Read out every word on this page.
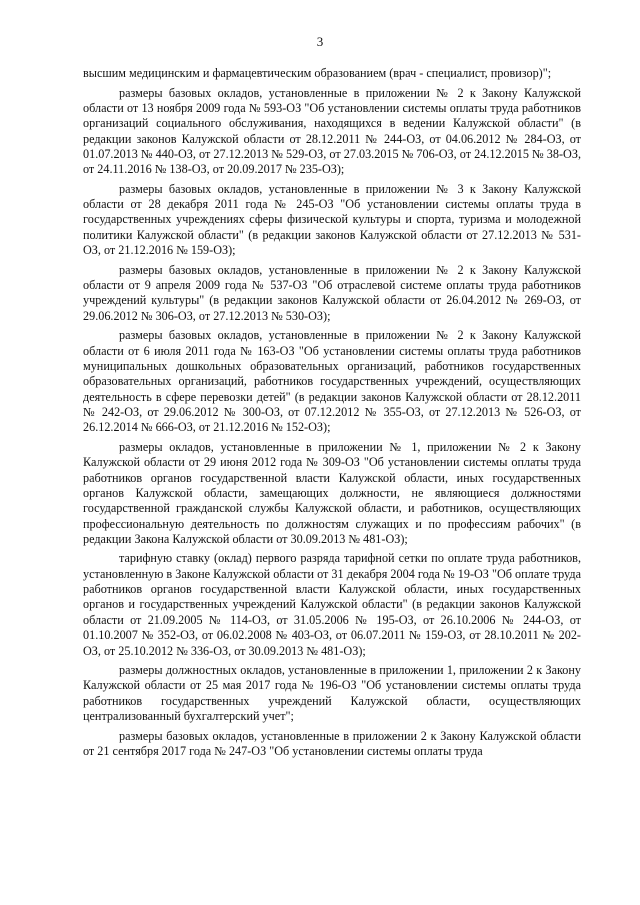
3

высшим медицинским и фармацевтическим образованием (врач - специалист, провизор)";

размеры базовых окладов, установленные в приложении № 2 к Закону Калужской области от 13 ноября 2009 года № 593-ОЗ "Об установлении системы оплаты труда работников организаций социального обслуживания, находящихся в ведении Калужской области" (в редакции законов Калужской области от 28.12.2011 № 244-ОЗ, от 04.06.2012 № 284-ОЗ, от 01.07.2013 № 440-ОЗ, от 27.12.2013 № 529-ОЗ, от 27.03.2015 № 706-ОЗ, от 24.12.2015 № 38-ОЗ, от 24.11.2016 № 138-ОЗ, от 20.09.2017 № 235-ОЗ);

размеры базовых окладов, установленные в приложении № 3 к Закону Калужской области от 28 декабря 2011 года № 245-ОЗ "Об установлении системы оплаты труда в государственных учреждениях сферы физической культуры и спорта, туризма и молодежной политики Калужской области" (в редакции законов Калужской области от 27.12.2013 № 531-ОЗ, от 21.12.2016 № 159-ОЗ);

размеры базовых окладов, установленные в приложении № 2 к Закону Калужской области от 9 апреля 2009 года № 537-ОЗ "Об отраслевой системе оплаты труда работников учреждений культуры" (в редакции законов Калужской области от 26.04.2012 № 269-ОЗ, от 29.06.2012 № 306-ОЗ, от 27.12.2013 № 530-ОЗ);

размеры базовых окладов, установленные в приложении № 2 к Закону Калужской области от 6 июля 2011 года № 163-ОЗ "Об установлении системы оплаты труда работников муниципальных дошкольных образовательных организаций, работников государственных образовательных организаций, работников государственных учреждений, осуществляющих деятельность в сфере перевозки детей" (в редакции законов Калужской области от 28.12.2011 № 242-ОЗ, от 29.06.2012 № 300-ОЗ, от 07.12.2012 № 355-ОЗ, от 27.12.2013 № 526-ОЗ, от 26.12.2014 № 666-ОЗ, от 21.12.2016 № 152-ОЗ);

размеры окладов, установленные в приложении № 1, приложении № 2 к Закону Калужской области от 29 июня 2012 года № 309-ОЗ "Об установлении системы оплаты труда работников органов государственной власти Калужской области, иных государственных органов Калужской области, замещающих должности, не являющиеся должностями государственной гражданской службы Калужской области, и работников, осуществляющих профессиональную деятельность по должностям служащих и по профессиям рабочих" (в редакции Закона Калужской области от 30.09.2013 № 481-ОЗ);

тарифную ставку (оклад) первого разряда тарифной сетки по оплате труда работников, установленную в Законе Калужской области от 31 декабря 2004 года № 19-ОЗ "Об оплате труда работников органов государственной власти Калужской области, иных государственных органов и государственных учреждений Калужской области" (в редакции законов Калужской области от 21.09.2005 № 114-ОЗ, от 31.05.2006 № 195-ОЗ, от 26.10.2006 № 244-ОЗ, от 01.10.2007 № 352-ОЗ, от 06.02.2008 № 403-ОЗ, от 06.07.2011 № 159-ОЗ, от 28.10.2011 № 202-ОЗ, от 25.10.2012 № 336-ОЗ, от 30.09.2013 № 481-ОЗ);

размеры должностных окладов, установленные в приложении 1, приложении 2 к Закону Калужской области от 25 мая 2017 года № 196-ОЗ "Об установлении системы оплаты труда работников государственных учреждений Калужской области, осуществляющих централизованный бухгалтерский учет";

размеры базовых окладов, установленные в приложении 2 к Закону Калужской области от 21 сентября 2017 года № 247-ОЗ "Об установлении системы оплаты труда
